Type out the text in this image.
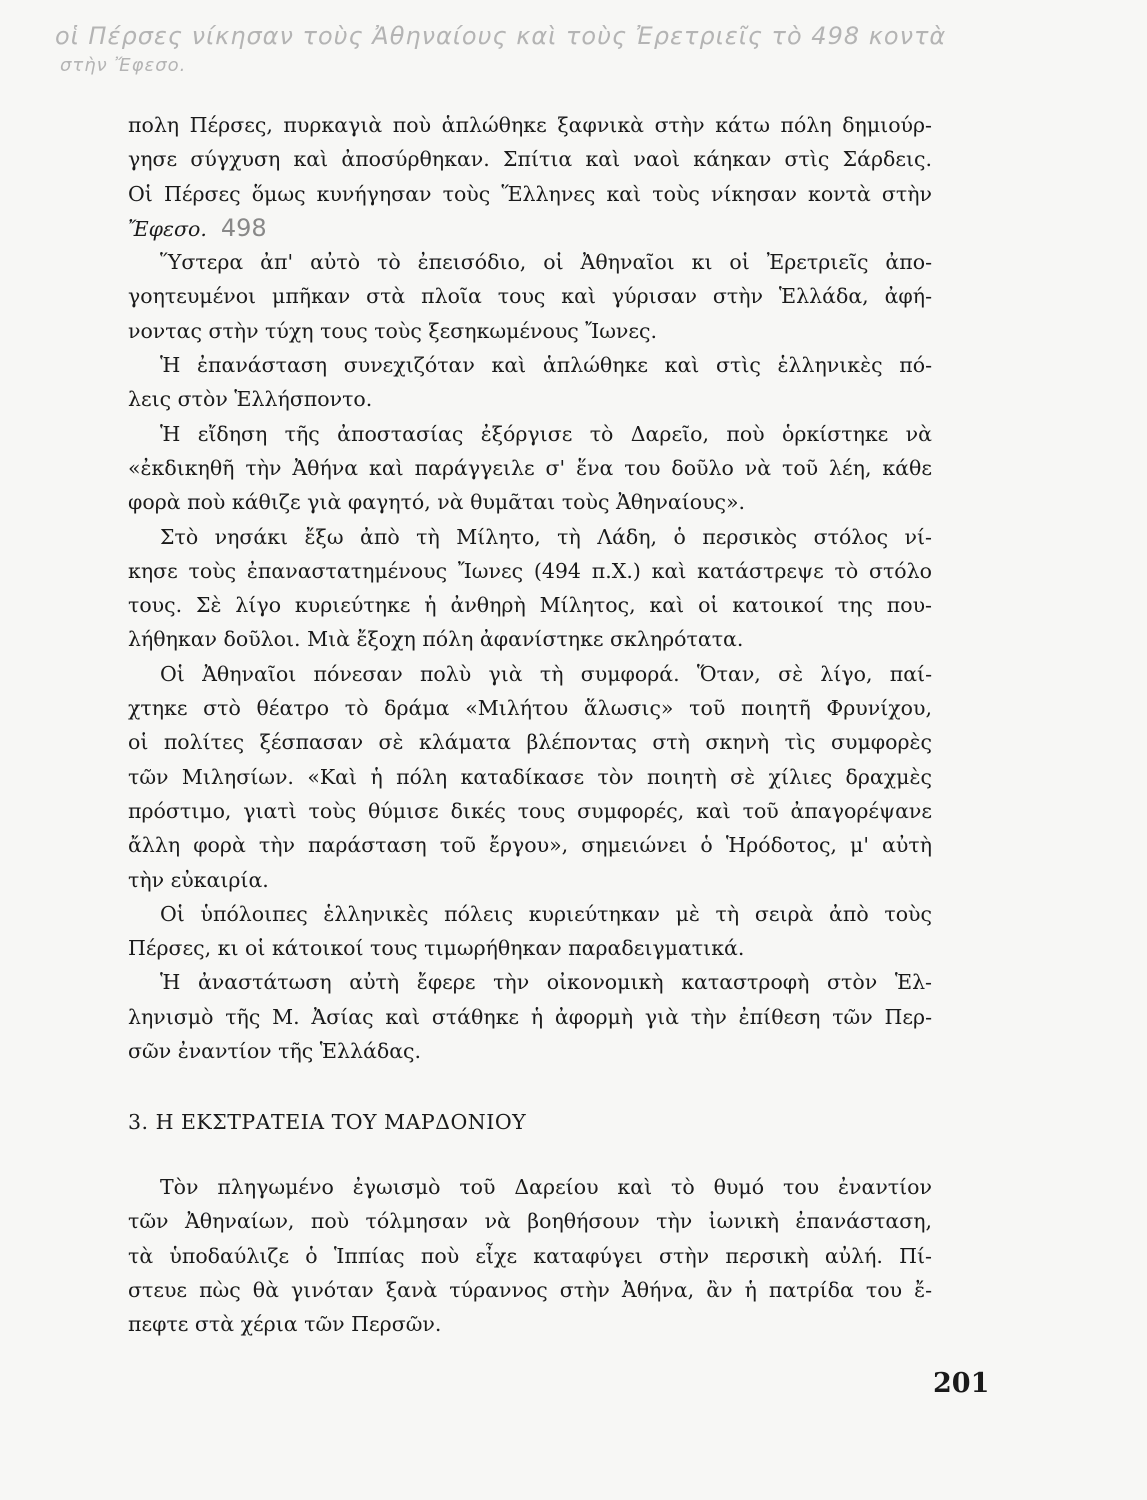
οἱ Πέρσες νίκησαν τοὺς Ἀθηναίους καὶ τοὺς Ἐρετριεῖς τὸ 498 κοντὰ
στὴν Ἔφεσο.
πολη Πέρσες, πυρκαγιὰ ποὺ ἁπλώθηκε ξαφνικὰ στὴν κάτω πόλη δημιούρ-
γησε σύγχυση καὶ ἀποσύρθηκαν. Σπίτια καὶ ναοὶ κάηκαν στὶς Σάρδεις.
Οἱ Πέρσες ὅμως κυνήγησαν τοὺς Ἕλληνες καὶ τοὺς νίκησαν κοντὰ στὴν
Ἔφεσο. 498
Ὕστερα ἀπ' αὐτὸ τὸ ἐπεισόδιο, οἱ Ἀθηναῖοι κι οἱ Ἐρετριεῖς ἀπο-
γοητευμένοι μπῆκαν στὰ πλοῖα τους καὶ γύρισαν στὴν Ἑλλάδα, ἀφή-
νοντας στὴν τύχη τους τοὺς ξεσηκωμένους Ἴωνες.
Ἡ ἐπανάσταση συνεχιζόταν καὶ ἁπλώθηκε καὶ στὶς ἑλληνικὲς πό-
λεις στὸν Ἑλλήσποντο.
Ἡ εἴδηση τῆς ἀποστασίας ἐξόργισε τὸ Δαρεῖο, ποὺ ὁρκίστηκε νὰ
«ἐκδικηθῆ τὴν Ἀθήνα καὶ παράγγειλε σ' ἕνα του δοῦλο νὰ τοῦ λέη, κάθε
φορὰ ποὺ κάθιζε γιὰ φαγητό, νὰ θυμᾶται τοὺς Ἀθηναίους».
Στὸ νησάκι ἔξω ἀπὸ τὴ Μίλητο, τὴ Λάδη, ὁ περσικὸς στόλος νί-
κησε τοὺς ἐπαναστατημένους Ἴωνες (494 π.Χ.) καὶ κατάστρεψε τὸ στόλο
τους. Σὲ λίγο κυριεύτηκε ἡ ἀνθηρὴ Μίλητος, καὶ οἱ κατοικοί της που-
λήθηκαν δοῦλοι. Μιὰ ἔξοχη πόλη ἀφανίστηκε σκληρότατα.
Οἱ Ἀθηναῖοι πόνεσαν πολὺ γιὰ τὴ συμφορά. Ὅταν, σὲ λίγο, παί-
χτηκε στὸ θέατρο τὸ δράμα «Μιλήτου ἅλωσις» τοῦ ποιητῆ Φρυνίχου,
οἱ πολίτες ξέσπασαν σὲ κλάματα βλέποντας στὴ σκηνὴ τὶς συμφορὲς
τῶν Μιλησίων. «Καὶ ἡ πόλη καταδίκασε τὸν ποιητὴ σὲ χίλιες δραχμὲς
πρόστιμο, γιατὶ τοὺς θύμισε δικές τους συμφορές, καὶ τοῦ ἀπαγορέψανε
ἄλλη φορὰ τὴν παράσταση τοῦ ἔργου», σημειώνει ὁ Ἡρόδοτος, μ' αὐτὴ
τὴν εὐκαιρία.
Οἱ ὑπόλοιπες ἑλληνικὲς πόλεις κυριεύτηκαν μὲ τὴ σειρὰ ἀπὸ τοὺς
Πέρσες, κι οἱ κάτοικοί τους τιμωρήθηκαν παραδειγματικά.
Ἡ ἀναστάτωση αὐτὴ ἔφερε τὴν οἰκονομικὴ καταστροφὴ στὸν Ἑλ-
ληνισμὸ τῆς Μ. Ἀσίας καὶ στάθηκε ἡ ἀφορμὴ γιὰ τὴν ἐπίθεση τῶν Περ-
σῶν ἐναντίον τῆς Ἑλλάδας.
3. Η ΕΚΣΤΡΑΤΕΙΑ ΤΟΥ ΜΑΡΔΟΝΙΟΥ
Τὸν πληγωμένο ἐγωισμὸ τοῦ Δαρείου καὶ τὸ θυμό του ἐναντίον
τῶν Ἀθηναίων, ποὺ τόλμησαν νὰ βοηθήσουν τὴν ἰωνικὴ ἐπανάσταση,
τὰ ὑποδαύλιζε ὁ Ἱππίας ποὺ εἶχε καταφύγει στὴν περσικὴ αὐλή. Πί-
στευε πὼς θὰ γινόταν ξανὰ τύραννος στὴν Ἀθήνα, ἂν ἡ πατρίδα του ἔ-
πεφτε στὰ χέρια τῶν Περσῶν.
201
